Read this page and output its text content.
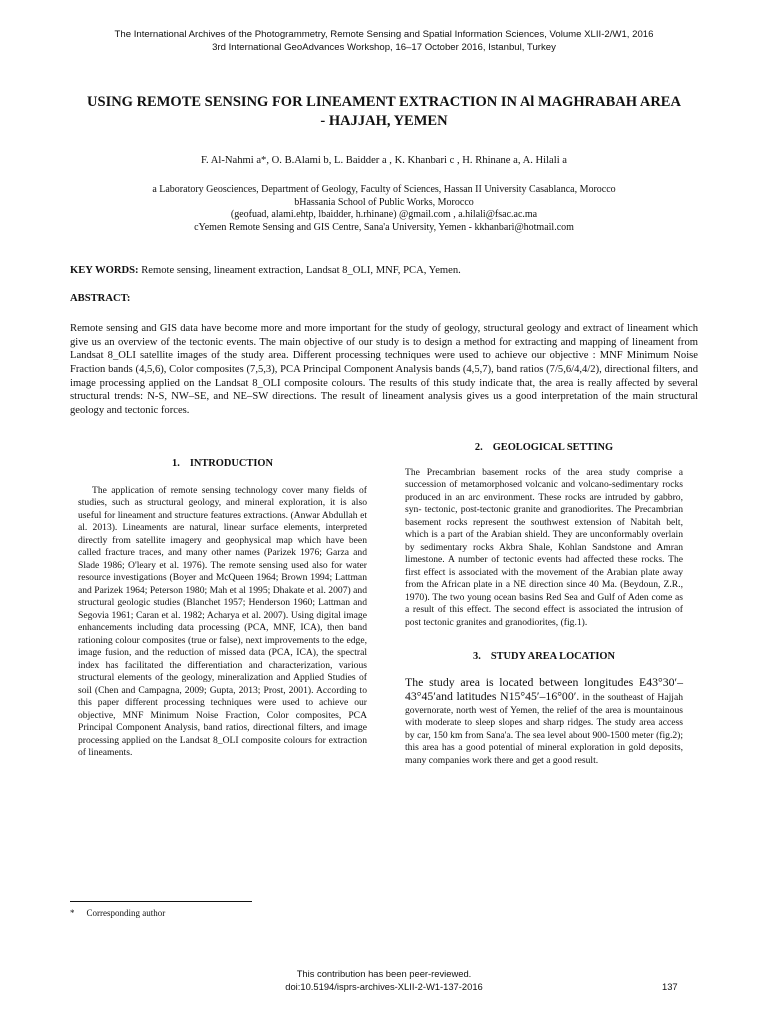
The International Archives of the Photogrammetry, Remote Sensing and Spatial Information Sciences, Volume XLII-2/W1, 2016
3rd International GeoAdvances Workshop, 16–17 October 2016, Istanbul, Turkey
USING REMOTE SENSING FOR LINEAMENT EXTRACTION IN Al MAGHRABAH AREA
- HAJJAH, YEMEN
F. Al-Nahmi a*, O. B.Alami b, L. Baidder a , K. Khanbari c , H. Rhinane a, A. Hilali a
a Laboratory Geosciences, Department of Geology, Faculty of Sciences, Hassan II University Casablanca, Morocco
bHassania School of Public Works, Morocco
(geofuad, alami.ehtp, lbaidder, h.rhinane) @gmail.com , a.hilali@fsac.ac.ma
cYemen Remote Sensing and GIS Centre, Sana'a University, Yemen - kkhanbari@hotmail.com
KEY WORDS: Remote sensing, lineament extraction, Landsat 8_OLI, MNF, PCA, Yemen.
ABSTRACT:

Remote sensing and GIS data have become more and more important for the study of geology, structural geology and extract of lineament which give us an overview of the tectonic events. The main objective of our study is to design a method for extracting and mapping of lineament from Landsat 8_OLI satellite images of the study area. Different processing techniques were used to achieve our objective : MNF Minimum Noise Fraction bands (4,5,6), Color composites (7,5,3), PCA Principal Component Analysis bands (4,5,7), band ratios (7/5,6/4,4/2), directional filters, and image processing applied on the Landsat 8_OLI composite colours. The results of this study indicate that, the area is really affected by several structural trends: N-S, NW–SE, and NE–SW directions. The result of lineament analysis gives us a good interpretation of the main structural geology and tectonic forces.

1. INTRODUCTION

The application of remote sensing technology cover many fields of studies, such as structural geology, and mineral exploration, it is also useful for lineament and structure features extractions. (Anwar Abdullah et al. 2013). Lineaments are natural, linear surface elements, interpreted directly from satellite imagery and geophysical map which have been called fracture traces, and many other names (Parizek 1976; Garza and Slade 1986; O'leary et al. 1976). The remote sensing used also for water resource investigations (Boyer and McQueen 1964; Brown 1994; Lattman and Parizek 1964; Peterson 1980; Mah et al 1995; Dhakate et al. 2007) and structural geologic studies (Blanchet 1957; Henderson 1960; Lattman and Segovia 1961; Caran et al. 1982; Acharya et al. 2007). Using digital image enhancements including data processing (PCA, MNF, ICA), then band rationing colour composites (true or false), next improvements to the edge, image fusion, and the reduction of missed data (PCA, ICA), the spectral index has facilitated the differentiation and characterization, various structural elements of the geology, mineralization and Applied Studies of soil (Chen and Campagna, 2009; Gupta, 2013; Prost, 2001). According to this paper different processing techniques were used to achieve our objective, MNF Minimum Noise Fraction, Color composites, PCA Principal Component Analysis, band ratios, directional filters, and image processing applied on the Landsat 8_OLI composite colours for extraction of lineaments.

2. GEOLOGICAL SETTING

The Precambrian basement rocks of the area study comprise a succession of metamorphosed volcanic and volcano-sedimentary rocks produced in an arc environment. These rocks are intruded by gabbro, syn- tectonic, post-tectonic granite and granodiorites. The Precambrian basement rocks represent the southwest extension of Nabitah belt, which is a part of the Arabian shield. They are unconformably overlain by sedimentary rocks Akbra Shale, Kohlan Sandstone and Amran limestone. A number of tectonic events had affected these rocks. The first effect is associated with the movement of the Arabian plate away from the African plate in a NE direction since 40 Ma. (Beydoun, Z.R., 1970). The two young ocean basins Red Sea and Gulf of Aden come as a result of this effect. The second effect is associated the intrusion of post tectonic granites and granodiorites, (fig.1).

3. STUDY AREA LOCATION

The study area is located between longitudes E43°30′–43°45′and latitudes N15°45′–16°00′. in the southeast of Hajjah governorate, north west of Yemen, the relief of the area is mountainous with moderate to sleep slopes and sharp ridges. The study area access by car, 150 km from Sana'a. The sea level about 900-1500 meter (fig.2); this area has a good potential of mineral exploration in gold deposits, many companies work there and get a good result.

* Corresponding author
This contribution has been peer-reviewed.
doi:10.5194/isprs-archives-XLII-2-W1-137-2016	137
